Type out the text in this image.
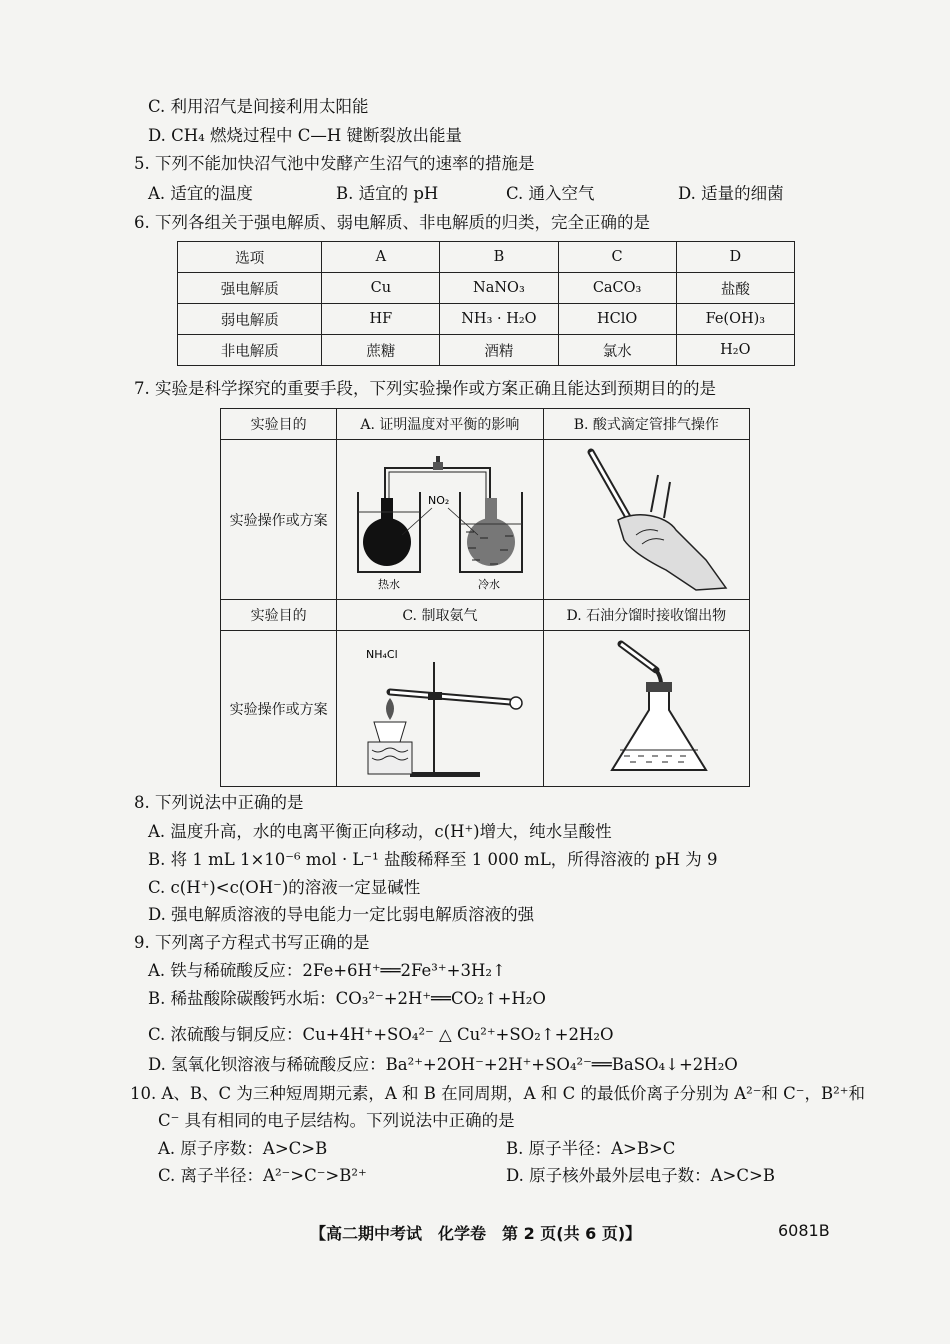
C. 利用沼气是间接利用太阳能
D. CH₄ 燃烧过程中 C—H 键断裂放出能量
5. 下列不能加快沼气池中发酵产生沼气的速率的措施是
A. 适宜的温度	B. 适宜的 pH	C. 通入空气	D. 适量的细菌
6. 下列各组关于强电解质、弱电解质、非电解质的归类，完全正确的是
选项	A	B	C	D
强电解质	Cu	NaNO₃	CaCO₃	盐酸
弱电解质	HF	NH₃ · H₂O	HClO	Fe(OH)₃
非电解质	蔗糖	酒精	氯水	H₂O
7. 实验是科学探究的重要手段，下列实验操作或方案正确且能达到预期目的的是
实验目的	A. 证明温度对平衡的影响	B. 酸式滴定管排气操作
实验操作或方案	NO₂
热水 冷水

实验目的	C. 制取氨气	D. 石油分馏时接收馏出物
实验操作或方案	NH₄Cl

8. 下列说法中正确的是
A. 温度升高，水的电离平衡正向移动，c(H⁺)增大，纯水呈酸性
B. 将 1 mL 1×10⁻⁶ mol · L⁻¹ 盐酸稀释至 1 000 mL，所得溶液的 pH 为 9
C. c(H⁺)<c(OH⁻)的溶液一定显碱性
D. 强电解质溶液的导电能力一定比弱电解质溶液的强
9. 下列离子方程式书写正确的是
A. 铁与稀硫酸反应：2Fe+6H⁺══2Fe³⁺+3H₂↑
B. 稀盐酸除碳酸钙水垢：CO₃²⁻+2H⁺══CO₂↑+H₂O
C. 浓硫酸与铜反应：Cu+4H⁺+SO₄²⁻ △ Cu²⁺+SO₂↑+2H₂O
D. 氢氧化钡溶液与稀硫酸反应：Ba²⁺+2OH⁻+2H⁺+SO₄²⁻══BaSO₄↓+2H₂O
10. A、B、C 为三种短周期元素，A 和 B 在同周期，A 和 C 的最低价离子分别为 A²⁻和 C⁻，B²⁺和
C⁻ 具有相同的电子层结构。下列说法中正确的是
A. 原子序数：A>C>B	B. 原子半径：A>B>C
C. 离子半径：A²⁻>C⁻>B²⁺	D. 原子核外最外层电子数：A>C>B
【高二期中考试　化学卷　第 2 页(共 6 页)】	6081B
